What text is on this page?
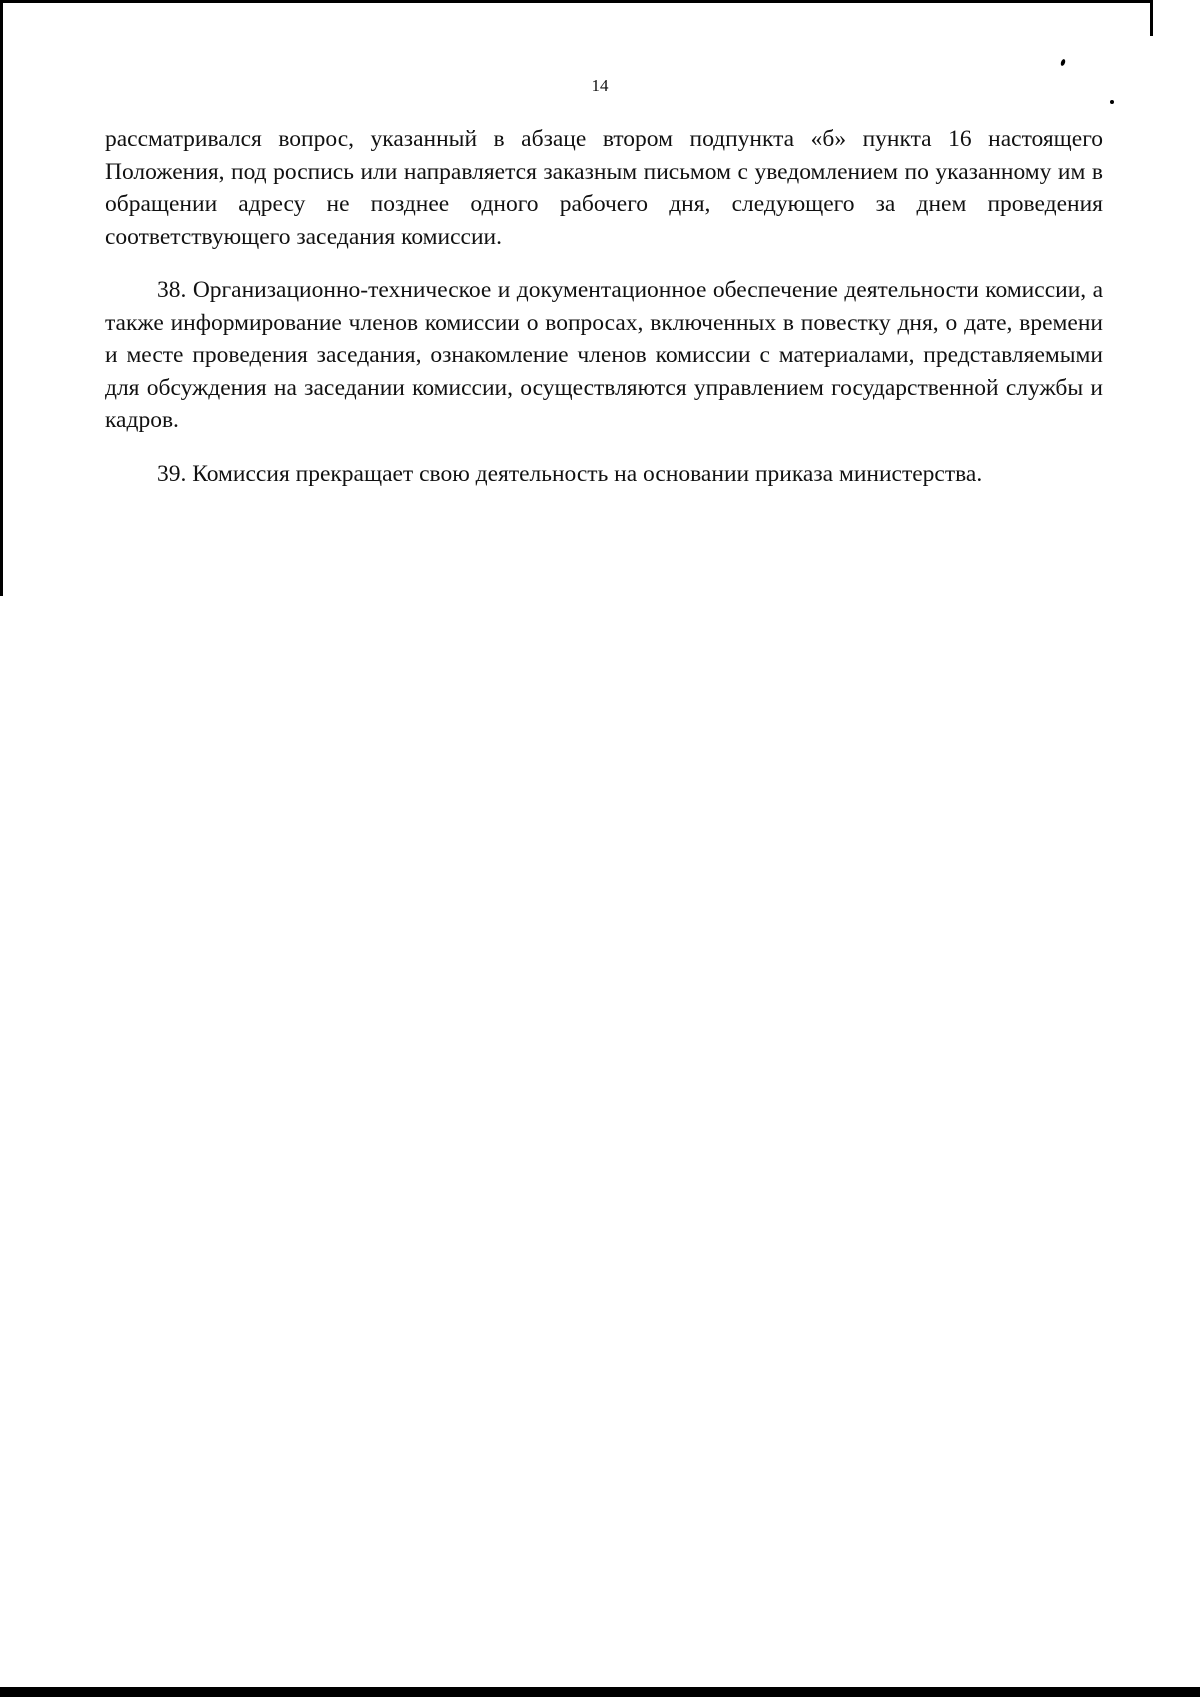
14

рассматривался вопрос, указанный в абзаце втором подпункта «б» пункта 16 настоящего Положения, под роспись или направляется заказным письмом с уведомлением по указанному им в обращении адресу не позднее одного рабочего дня, следующего за днем проведения соответствующего заседания комиссии.

38. Организационно-техническое и документационное обеспечение деятельности комиссии, а также информирование членов комиссии о вопросах, включенных в повестку дня, о дате, времени и месте проведения заседания, ознакомление членов комиссии с материалами, представляемыми для обсуждения на заседании комиссии, осуществляются управлением государственной службы и кадров.

39. Комиссия прекращает свою деятельность на основании приказа министерства.
